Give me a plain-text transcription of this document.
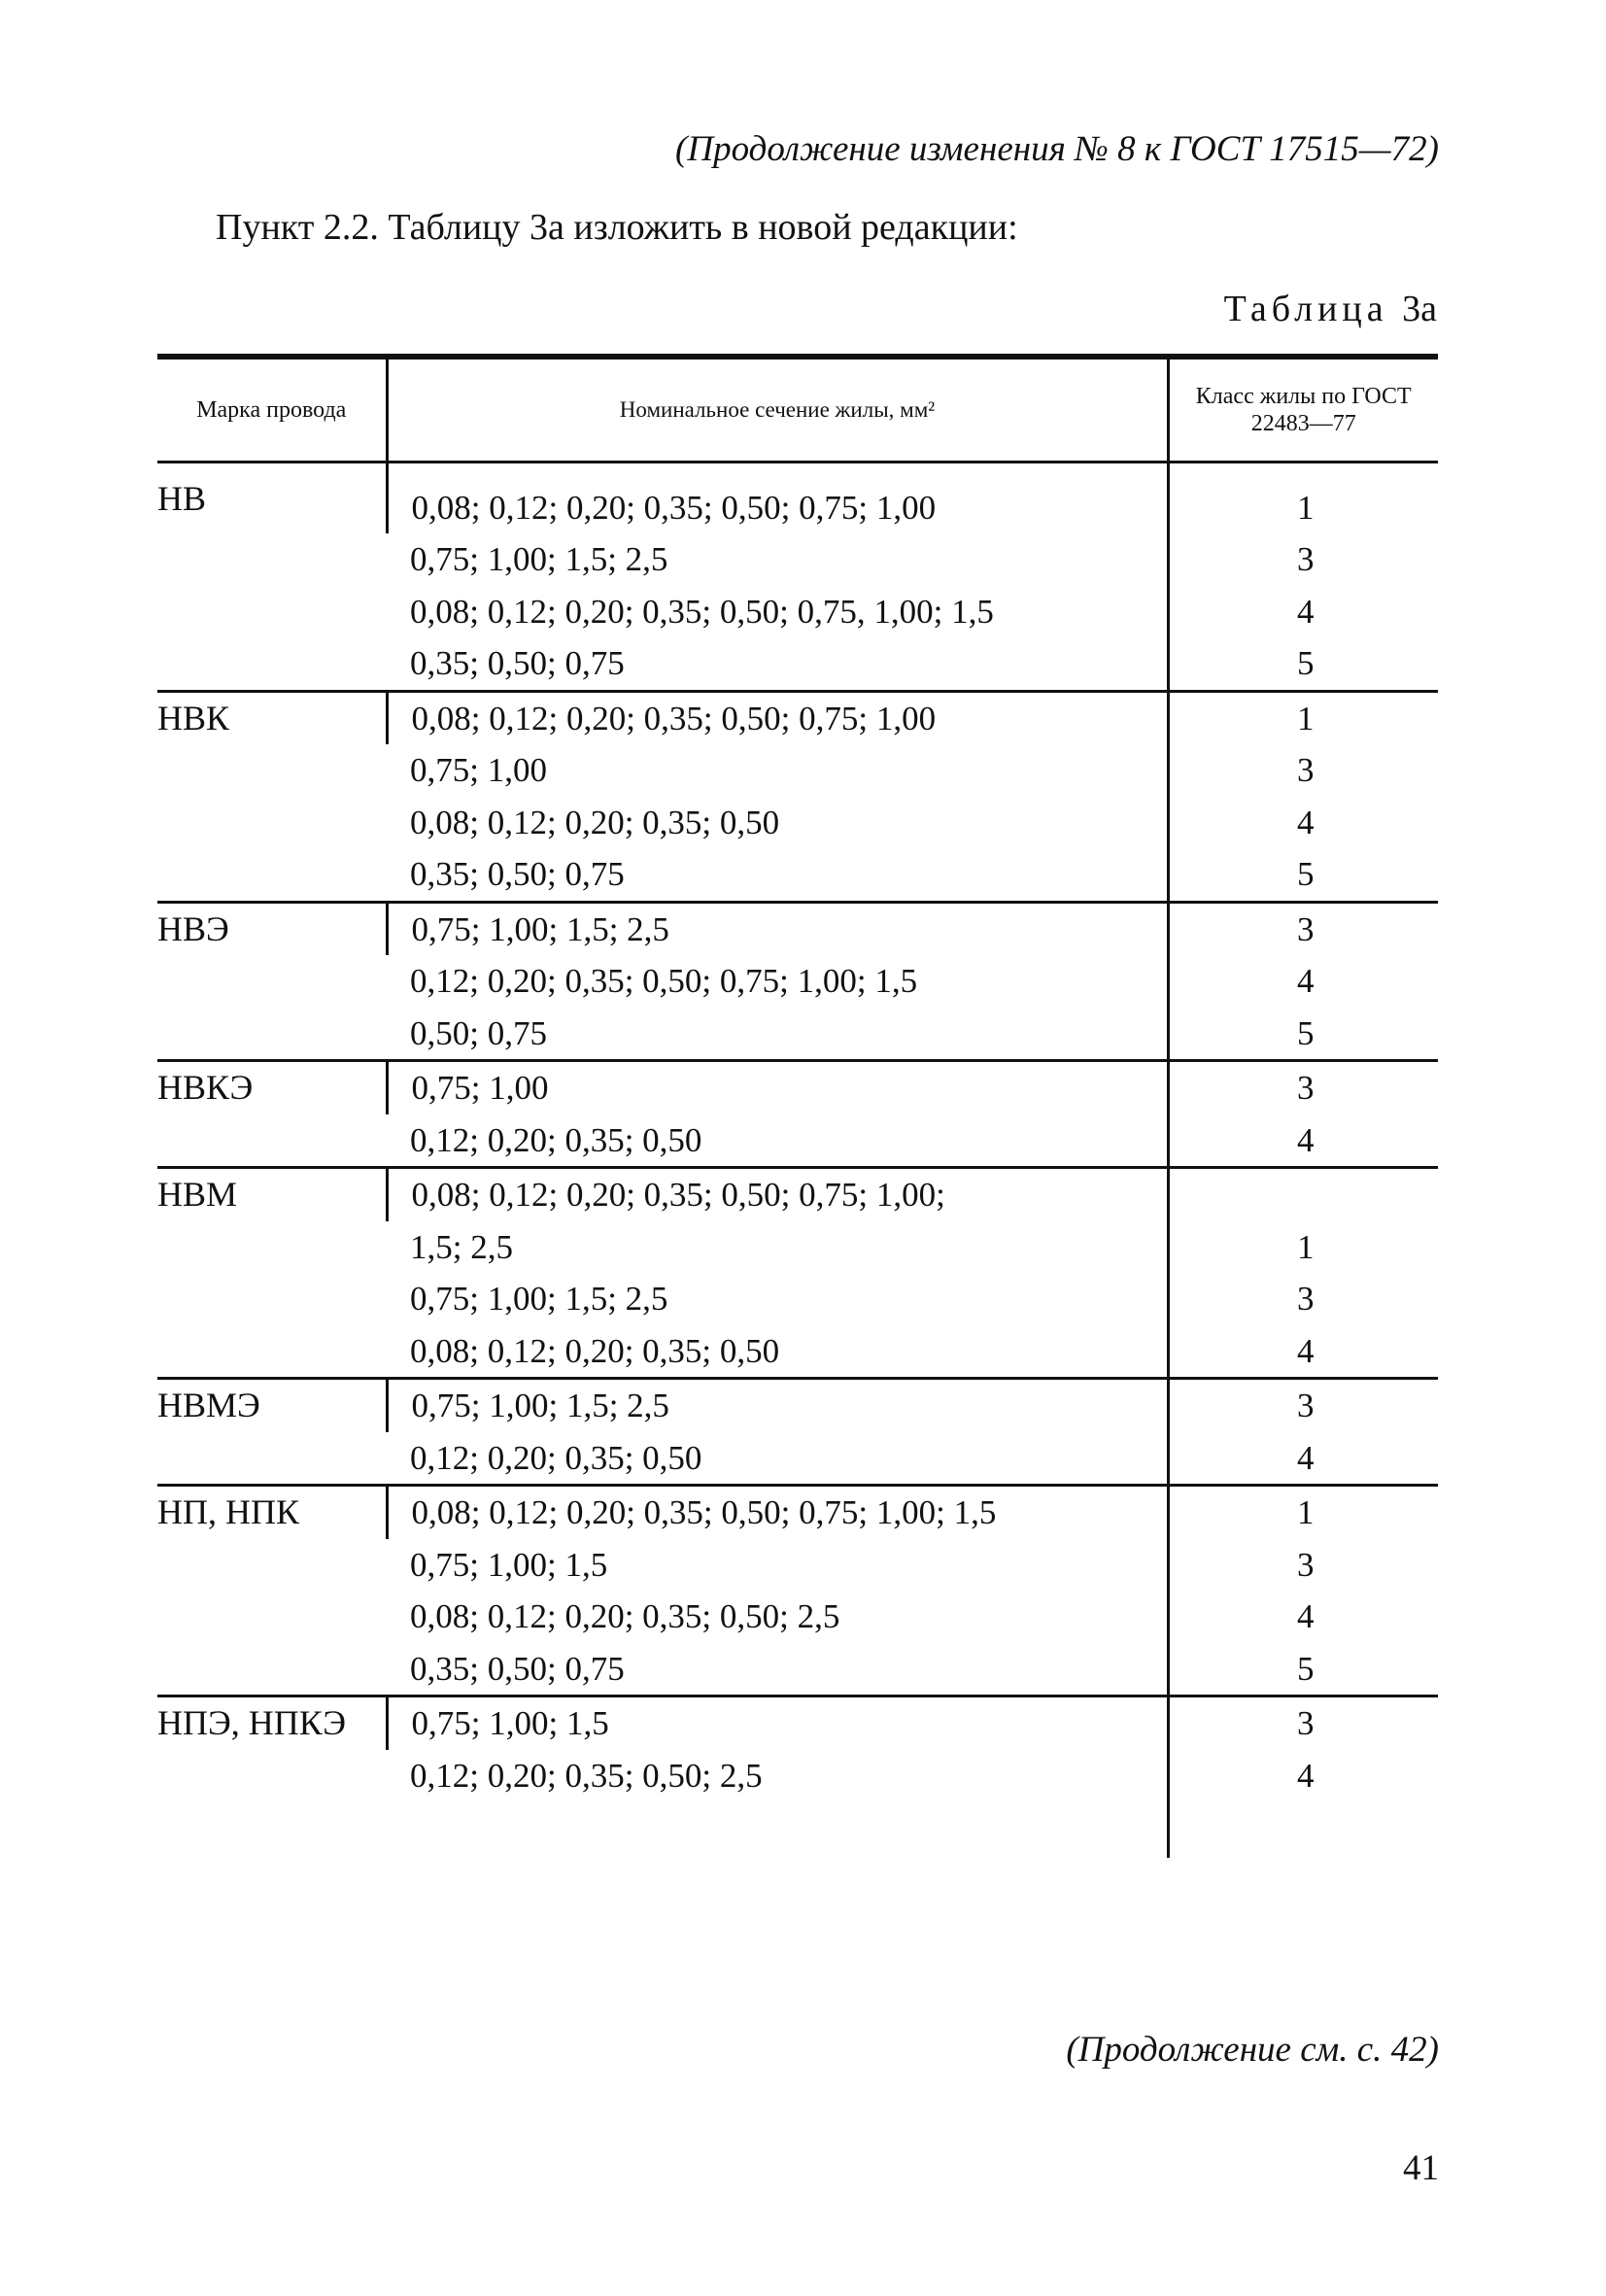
(Продолжение изменения № 8 к ГОСТ 17515—72)
Пункт 2.2. Таблицу 3а изложить в новой редакции:
Таблица 3а
Марка провода	Номинальное сечение жилы, мм²	Класс жилы по ГОСТ 22483—77
НВ	0,08; 0,12; 0,20; 0,35; 0,50; 0,75; 1,00	1
	0,75; 1,00; 1,5; 2,5	3
	0,08; 0,12; 0,20; 0,35; 0,50; 0,75, 1,00; 1,5	4
	0,35; 0,50; 0,75	5
НВК	0,08; 0,12; 0,20; 0,35; 0,50; 0,75; 1,00	1
	0,75; 1,00	3
	0,08; 0,12; 0,20; 0,35; 0,50	4
	0,35; 0,50; 0,75	5
НВЭ	0,75; 1,00; 1,5; 2,5	3
	0,12; 0,20; 0,35; 0,50; 0,75; 1,00; 1,5	4
	0,50; 0,75	5
НВКЭ	0,75; 1,00	3
	0,12; 0,20; 0,35; 0,50	4
НВМ	0,08; 0,12; 0,20; 0,35; 0,50; 0,75; 1,00;	
	1,5; 2,5	1
	0,75; 1,00; 1,5; 2,5	3
	0,08; 0,12; 0,20; 0,35; 0,50	4
НВМЭ	0,75; 1,00; 1,5; 2,5	3
	0,12; 0,20; 0,35; 0,50	4
НП, НПК	0,08; 0,12; 0,20; 0,35; 0,50; 0,75; 1,00; 1,5	1
	0,75; 1,00; 1,5	3
	0,08; 0,12; 0,20; 0,35; 0,50; 2,5	4
	0,35; 0,50; 0,75	5
НПЭ, НПКЭ	0,75; 1,00; 1,5	3
	0,12; 0,20; 0,35; 0,50; 2,5	4

(Продолжение см. с. 42)
41
